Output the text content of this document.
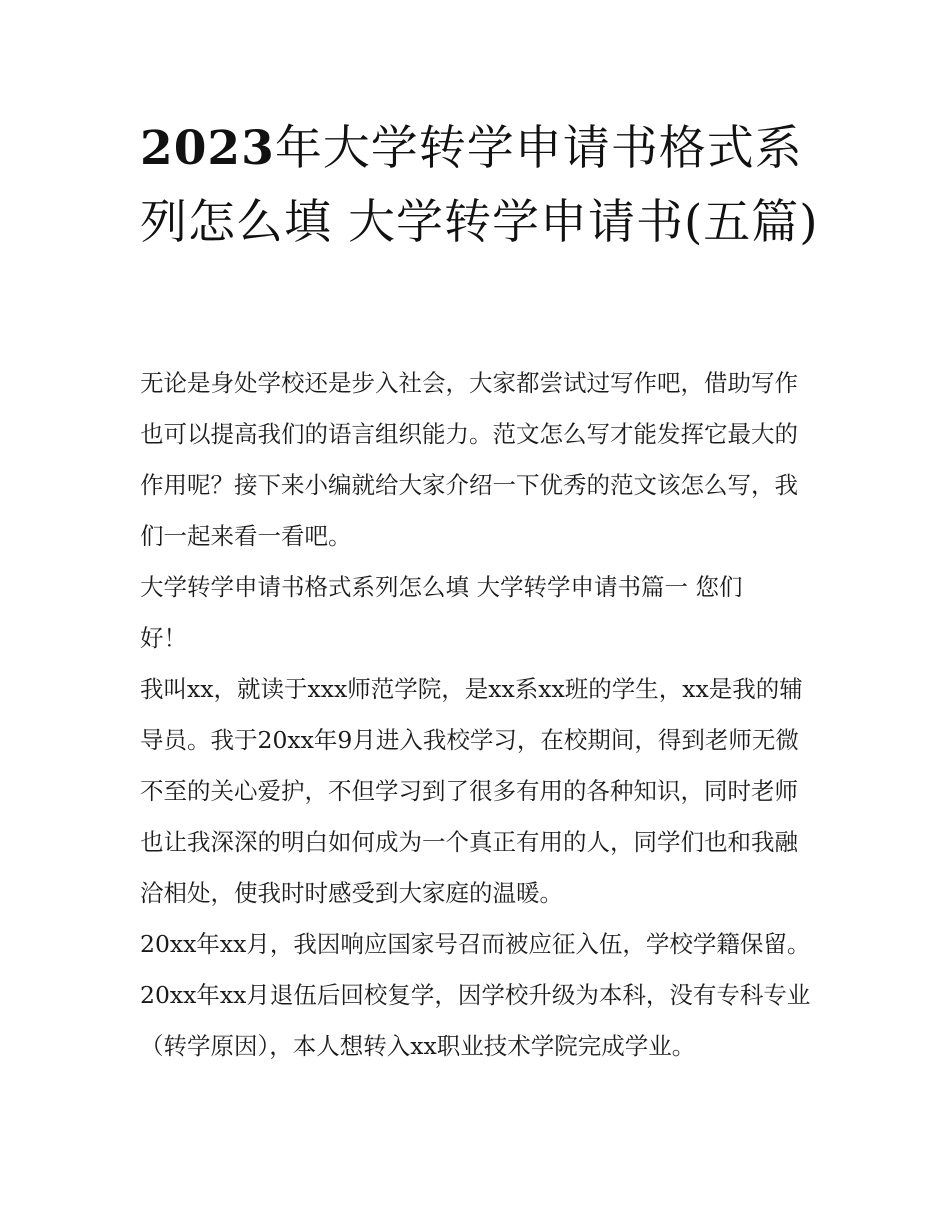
2023年大学转学申请书格式系列怎么填 大学转学申请书(五篇)

无论是身处学校还是步入社会，大家都尝试过写作吧，借助写作也可以提高我们的语言组织能力。范文怎么写才能发挥它最大的作用呢？接下来小编就给大家介绍一下优秀的范文该怎么写，我们一起来看一看吧。

大学转学申请书格式系列怎么填 大学转学申请书篇一 您们好！

我叫xx，就读于xxx师范学院，是xx系xx班的学生，xx是我的辅导员。我于20xx年9月进入我校学习，在校期间，得到老师无微不至的关心爱护，不但学习到了很多有用的各种知识，同时老师也让我深深的明白如何成为一个真正有用的人，同学们也和我融洽相处，使我时时感受到大家庭的温暖。

20xx年xx月，我因响应国家号召而被应征入伍，学校学籍保留。20xx年xx月退伍后回校复学，因学校升级为本科，没有专科专业（转学原因），本人想转入xx职业技术学院完成学业。
